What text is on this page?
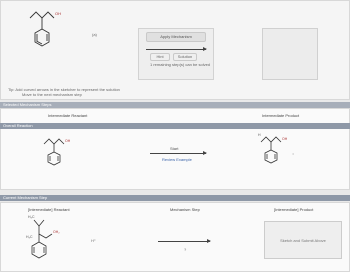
OH
(a)	Apply Mechanism
Hint	Solution
1 remaining step(s) can be solved
Tip: Add curved arrows in the sketcher to represent the solution
Move to the next mechanism step
Selected Mechanism Steps
Intermediate Reactant	Intermediate Product
Overall Reaction
OH
Start
Review Example
OH
H
⁺
Current Mechanism Step
[Intermediate] Reactant	Mechanism Step	[Intermediate] Product
H₃C
H₃C
OH₂
H⁺
?
Sketch and Submit Above
